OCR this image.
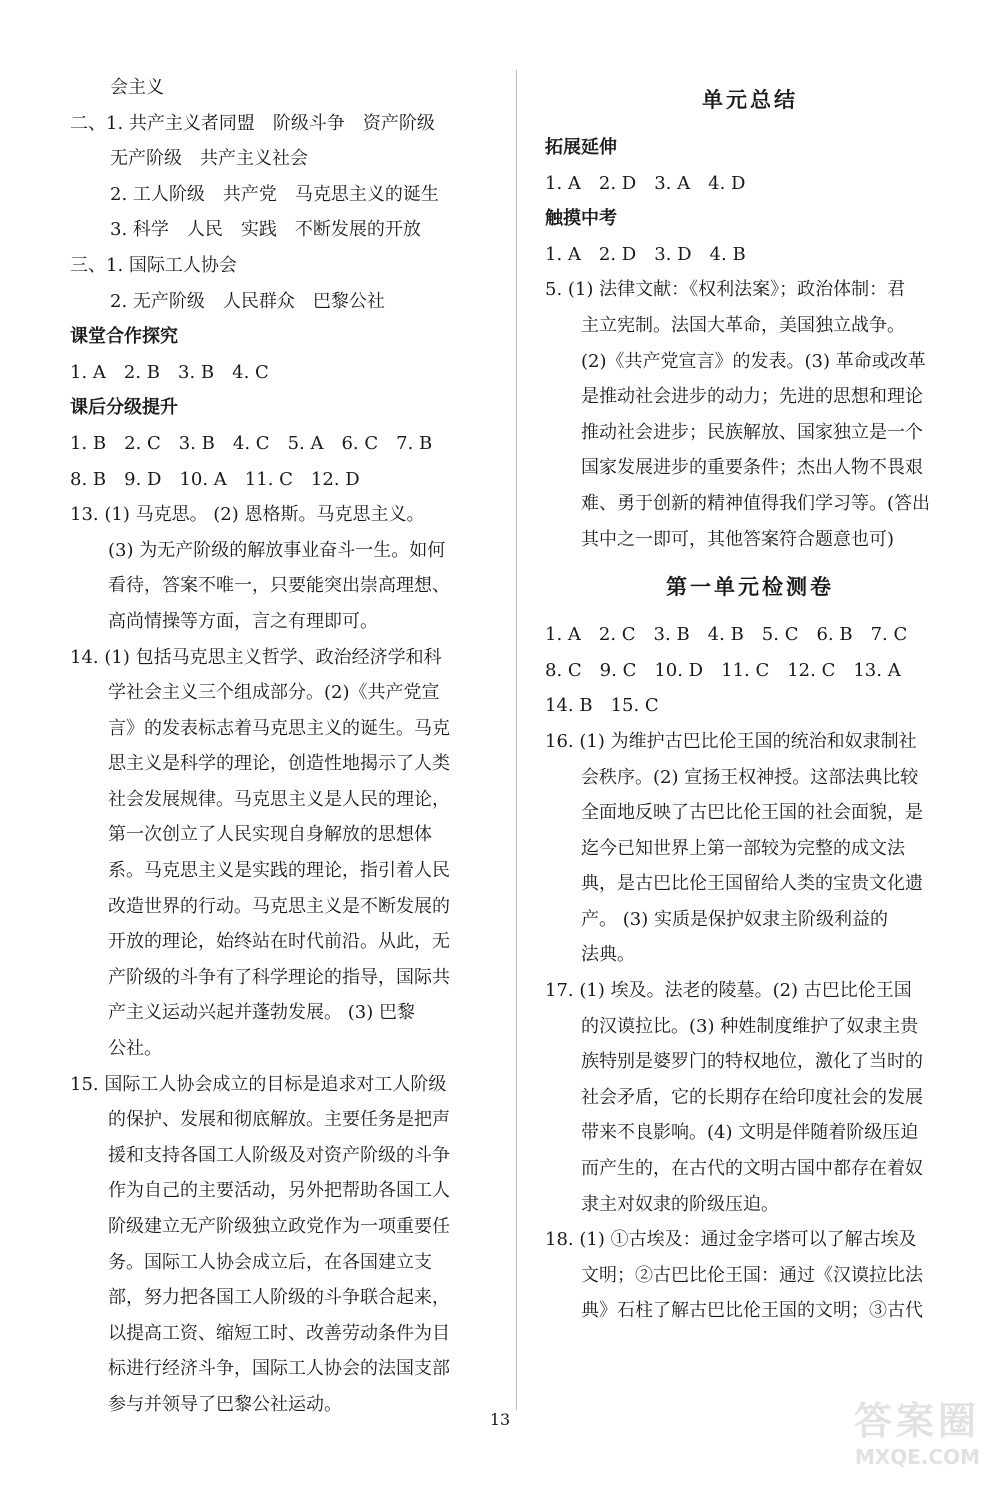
会主义
二、1. 共产主义者同盟　阶级斗争　资产阶级
无产阶级　共产主义社会
2. 工人阶级　共产党　马克思主义的诞生
3. 科学　人民　实践　不断发展的开放
三、1. 国际工人协会
2. 无产阶级　人民群众　巴黎公社
课堂合作探究
1. A　2. B　3. B　4. C
课后分级提升
1. B　2. C　3. B　4. C　5. A　6. C　7. B
8. B　9. D　10. A　11. C　12. D
13. (1) 马克思。 (2) 恩格斯。马克思主义。
(3) 为无产阶级的解放事业奋斗一生。如何
看待，答案不唯一，只要能突出崇高理想、
高尚情操等方面，言之有理即可。
14. (1) 包括马克思主义哲学、政治经济学和科
学社会主义三个组成部分。(2)《共产党宣
言》的发表标志着马克思主义的诞生。马克
思主义是科学的理论，创造性地揭示了人类
社会发展规律。马克思主义是人民的理论，
第一次创立了人民实现自身解放的思想体
系。马克思主义是实践的理论，指引着人民
改造世界的行动。马克思主义是不断发展的
开放的理论，始终站在时代前沿。从此，无
产阶级的斗争有了科学理论的指导，国际共
产主义运动兴起并蓬勃发展。 (3) 巴黎
公社。
15. 国际工人协会成立的目标是追求对工人阶级
的保护、发展和彻底解放。主要任务是把声
援和支持各国工人阶级及对资产阶级的斗争
作为自己的主要活动，另外把帮助各国工人
阶级建立无产阶级独立政党作为一项重要任
务。国际工人协会成立后，在各国建立支
部，努力把各国工人阶级的斗争联合起来，
以提高工资、缩短工时、改善劳动条件为目
标进行经济斗争，国际工人协会的法国支部
参与并领导了巴黎公社运动。
单元总结
拓展延伸
1. A　2. D　3. A　4. D
触摸中考
1. A　2. D　3. D　4. B
5. (1) 法律文献：《权利法案》；政治体制：君
主立宪制。法国大革命，美国独立战争。
(2)《共产党宣言》的发表。(3) 革命或改革
是推动社会进步的动力；先进的思想和理论
推动社会进步；民族解放、国家独立是一个
国家发展进步的重要条件；杰出人物不畏艰
难、勇于创新的精神值得我们学习等。(答出
其中之一即可，其他答案符合题意也可)
第一单元检测卷
1. A　2. C　3. B　4. B　5. C　6. B　7. C
8. C　9. C　10. D　11. C　12. C　13. A
14. B　15. C
16. (1) 为维护古巴比伦王国的统治和奴隶制社
会秩序。(2) 宣扬王权神授。这部法典比较
全面地反映了古巴比伦王国的社会面貌，是
迄今已知世界上第一部较为完整的成文法
典，是古巴比伦王国留给人类的宝贵文化遗
产。 (3) 实质是保护奴隶主阶级利益的
法典。
17. (1) 埃及。法老的陵墓。(2) 古巴比伦王国
的汉谟拉比。(3) 种姓制度维护了奴隶主贵
族特别是婆罗门的特权地位，激化了当时的
社会矛盾，它的长期存在给印度社会的发展
带来不良影响。(4) 文明是伴随着阶级压迫
而产生的，在古代的文明古国中都存在着奴
隶主对奴隶的阶级压迫。
18. (1) ①古埃及：通过金字塔可以了解古埃及
文明；②古巴比伦王国：通过《汉谟拉比法
典》石柱了解古巴比伦王国的文明；③古代
13	答案圈
MXQE.COM
